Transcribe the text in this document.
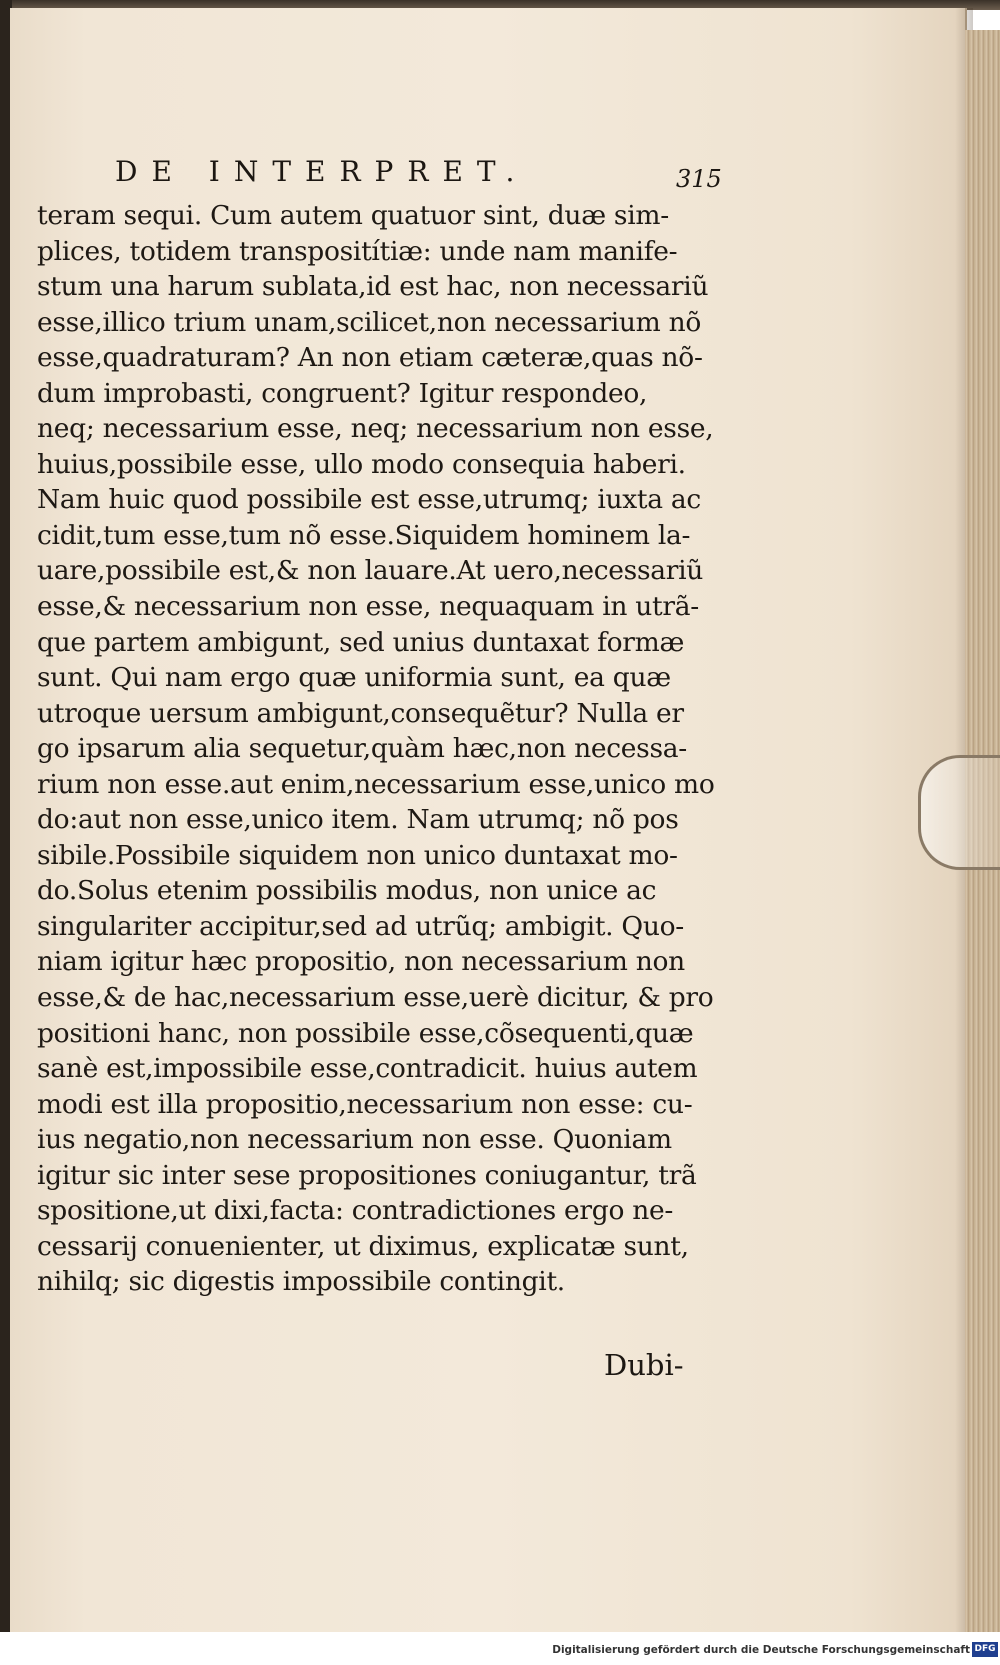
DE INTERPRET.	315
teram sequi. Cum autem quatuor sint, duæ sim-
plices, totidem transpositítiæ: unde nam manife-
stum una harum sublata,id est hac, non necessariũ
esse,illico trium unam,scilicet,non necessarium nõ
esse,quadraturam? An non etiam cæteræ,quas nõ-
dum improbasti, congruent? Igitur respondeo,
neq; necessarium esse, neq; necessarium non esse,
huius,possibile esse, ullo modo consequia haberi.
Nam huic quod possibile est esse,utrumq; iuxta ac
cidit,tum esse,tum nõ esse.Siquidem hominem la-
uare,possibile est,& non lauare.At uero,necessariũ
esse,& necessarium non esse, nequaquam in utrã-
que partem ambigunt, sed unius duntaxat formæ
sunt. Qui nam ergo quæ uniformia sunt, ea quæ
utroque uersum ambigunt,consequẽtur? Nulla er
go ipsarum alia sequetur,quàm hæc,non necessa-
rium non esse.aut enim,necessarium esse,unico mo
do:aut non esse,unico item. Nam utrumq; nõ pos
sibile.Possibile siquidem non unico duntaxat mo-
do.Solus etenim possibilis modus, non unice ac
singulariter accipitur,sed ad utrũq; ambigit. Quo-
niam igitur hæc propositio, non necessarium non
esse,& de hac,necessarium esse,uerè dicitur, & pro
positioni hanc, non possibile esse,cõsequenti,quæ
sanè est,impossibile esse,contradicit. huius autem
modi est illa propositio,necessarium non esse: cu-
ius negatio,non necessarium non esse. Quoniam
igitur sic inter sese propositiones coniugantur, trã
spositione,ut dixi,facta: contradictiones ergo ne-
cessarij conuenienter, ut diximus, explicatæ sunt,
nihilq; sic digestis impossibile contingit.
Dubi-
Digitalisierung gefördert durch die Deutsche Forschungsgemeinschaft DFG
